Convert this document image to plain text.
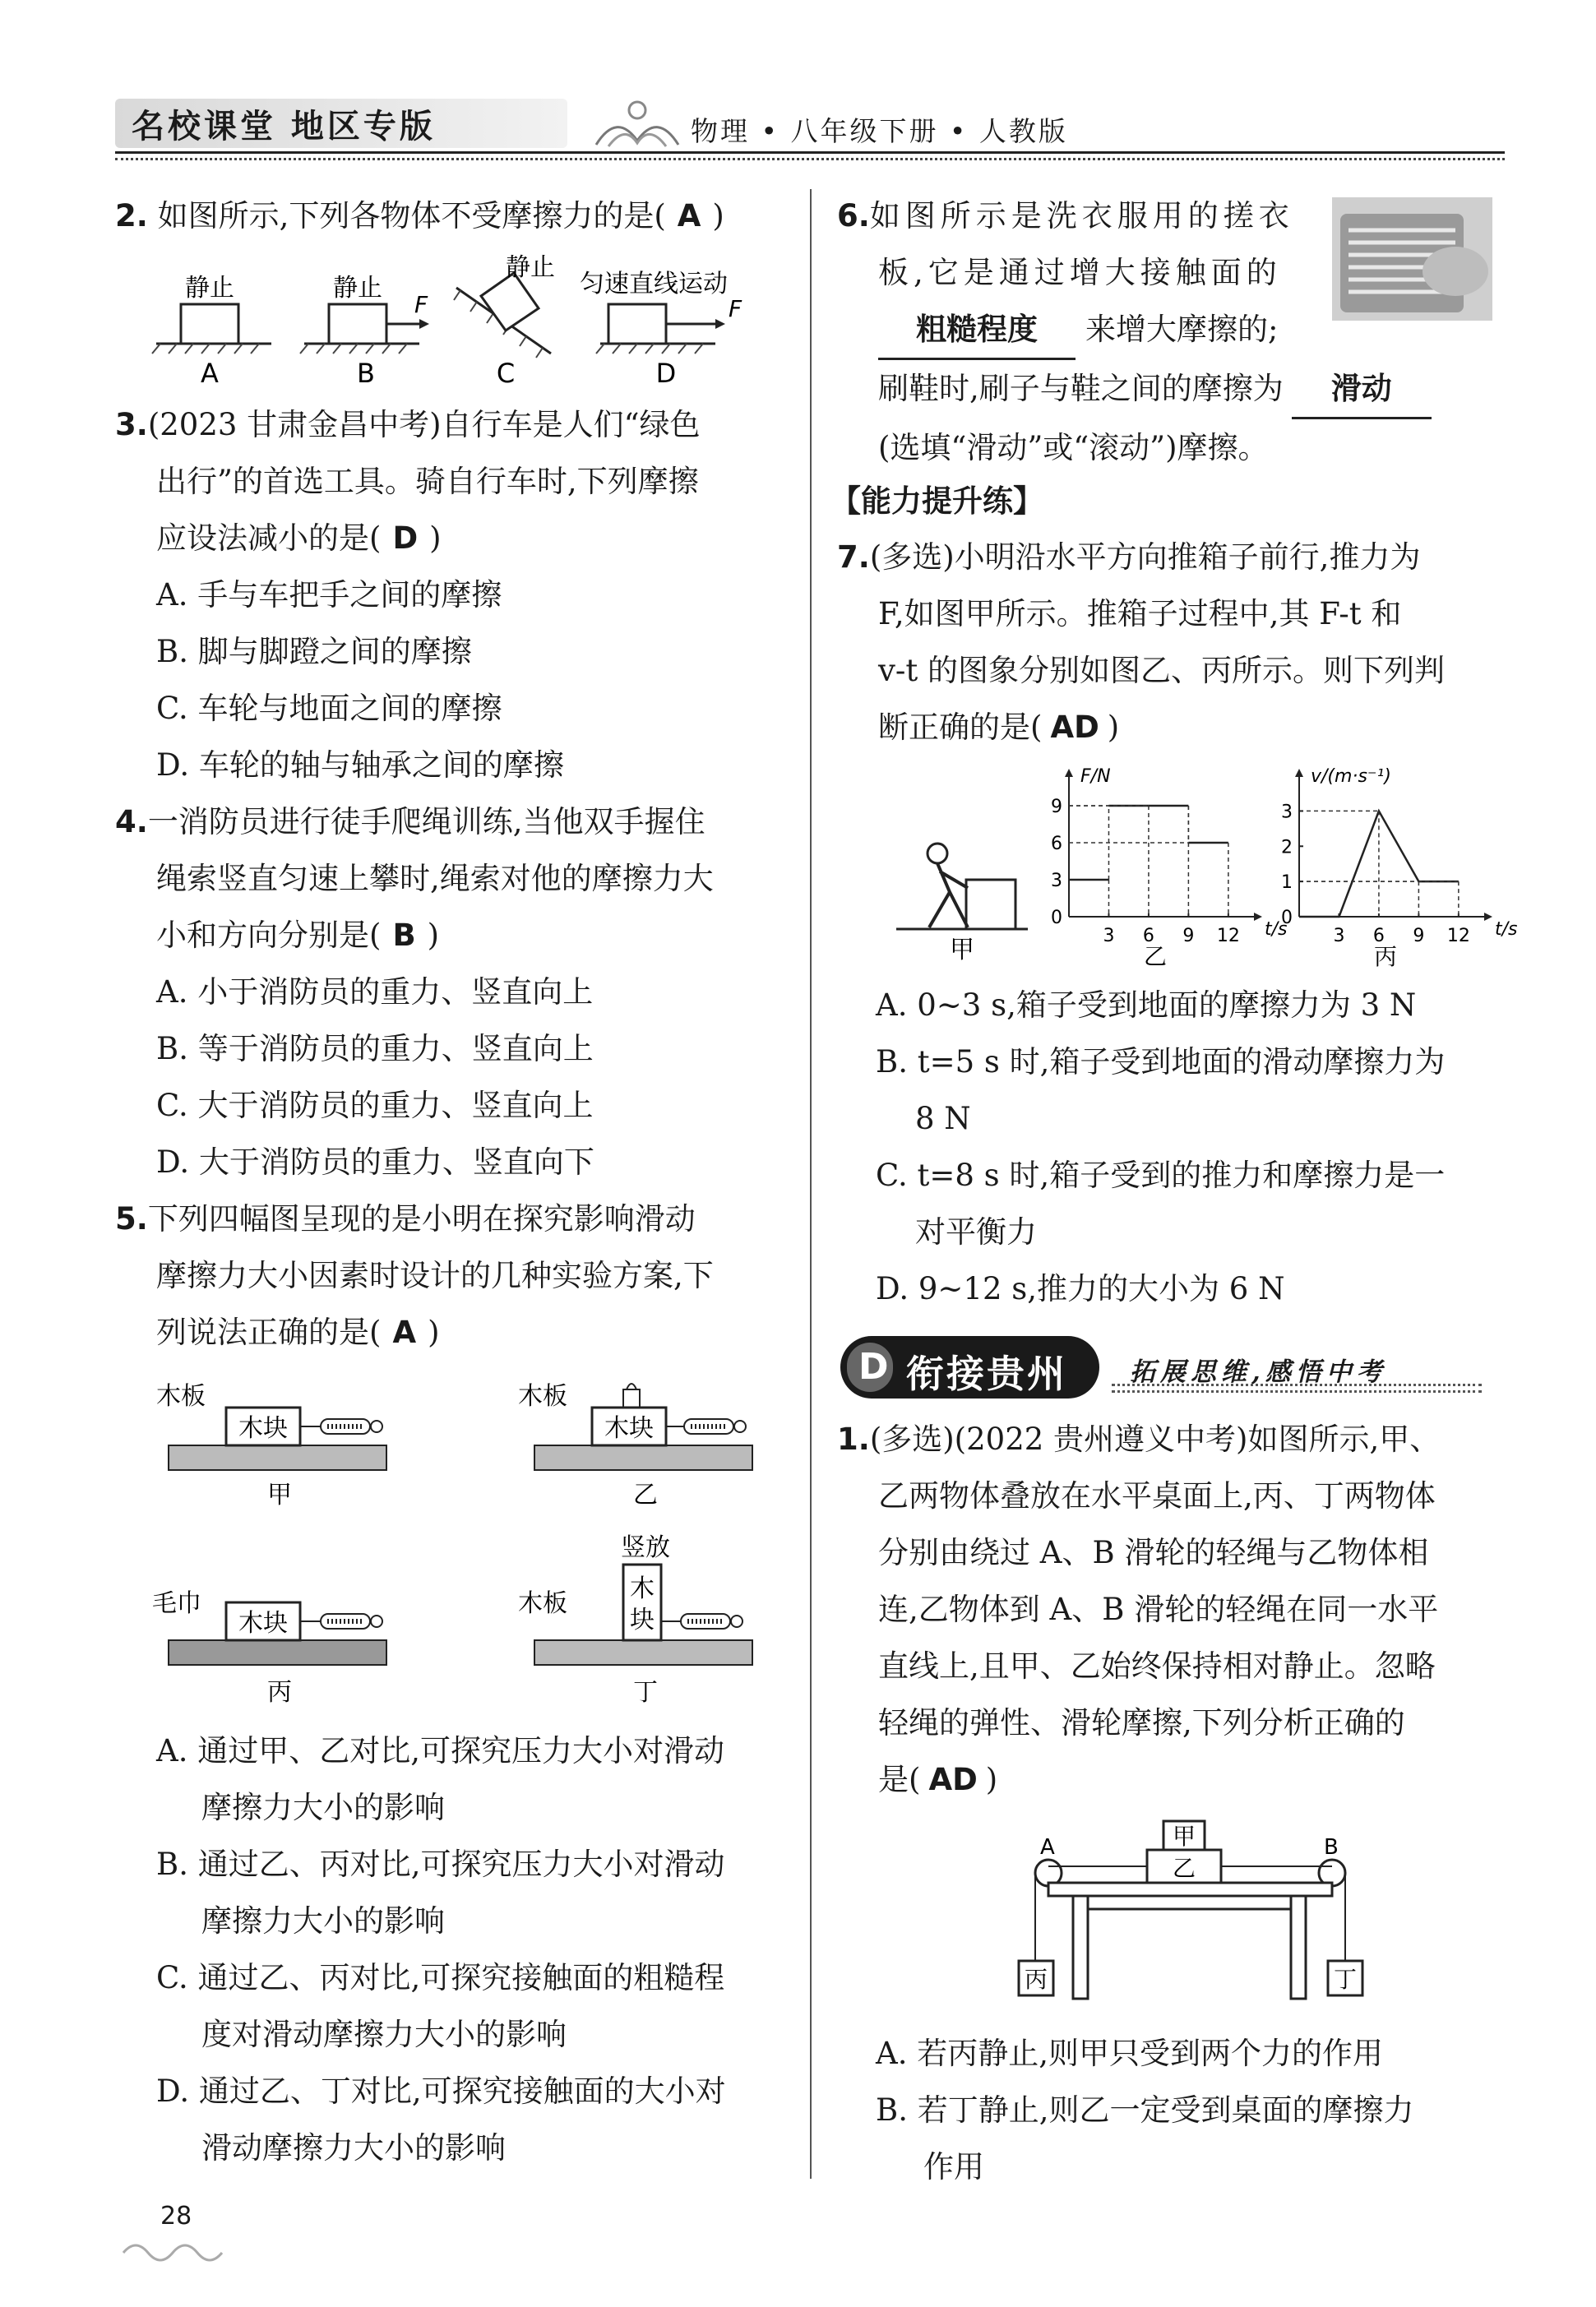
名校课堂 地区专版	物理 • 八年级下册 • 人教版
2. 如图所示,下列各物体不受摩擦力的是( A )
静止
A
静止
F
B
静止
C
匀速直线运动
F
D
3.(2023 甘肃金昌中考)自行车是人们“绿色
出行”的首选工具。骑自行车时,下列摩擦
应设法减小的是( D )
A. 手与车把手之间的摩擦
B. 脚与脚蹬之间的摩擦
C. 车轮与地面之间的摩擦
D. 车轮的轴与轴承之间的摩擦
4.一消防员进行徒手爬绳训练,当他双手握住
绳索竖直匀速上攀时,绳索对他的摩擦力大
小和方向分别是( B )
A. 小于消防员的重力、竖直向上
B. 等于消防员的重力、竖直向上
C. 大于消防员的重力、竖直向上
D. 大于消防员的重力、竖直向下
5.下列四幅图呈现的是小明在探究影响滑动
摩擦力大小因素时设计的几种实验方案,下
列说法正确的是( A )
木板
木块
甲
木板
木块
乙
毛巾
木块
丙
竖放
木板
木
块
丁
A. 通过甲、乙对比,可探究压力大小对滑动
摩擦力大小的影响
B. 通过乙、丙对比,可探究压力大小对滑动
摩擦力大小的影响
C. 通过乙、丙对比,可探究接触面的粗糙程
度对滑动摩擦力大小的影响
D. 通过乙、丁对比,可探究接触面的大小对
滑动摩擦力大小的影响
28
6.如图所示是洗衣服用的搓衣
板,它是通过增大接触面的
粗糙程度 来增大摩擦的;
刷鞋时,刷子与鞋之间的摩擦为 滑动
(选填“滑动”或“滚动”)摩擦。
【能力提升练】
7.(多选)小明沿水平方向推箱子前行,推力为
F,如图甲所示。推箱子过程中,其 F-t 和
v-t 的图象分别如图乙、丙所示。则下列判
断正确的是( AD )
甲
F/N
t/s
3 6 9 12
0
3
6
9
乙
v/(m·s⁻¹)
t/s
3 6 9 12
0
1
2
3
丙
A. 0~3 s,箱子受到地面的摩擦力为 3 N
B. t=5 s 时,箱子受到地面的滑动摩擦力为
8 N
C. t=8 s 时,箱子受到的推力和摩擦力是一
对平衡力
D. 9~12 s,推力的大小为 6 N
D 衔接贵州 拓展思维,感悟中考
1.(多选)(2022 贵州遵义中考)如图所示,甲、
乙两物体叠放在水平桌面上,丙、丁两物体
分别由绕过 A、B 滑轮的轻绳与乙物体相
连,乙物体到 A、B 滑轮的轻绳在同一水平
直线上,且甲、乙始终保持相对静止。忽略
轻绳的弹性、滑轮摩擦,下列分析正确的
是( AD )
A	B
乙
甲
丙	丁
A. 若丙静止,则甲只受到两个力的作用
B. 若丁静止,则乙一定受到桌面的摩擦力
作用
